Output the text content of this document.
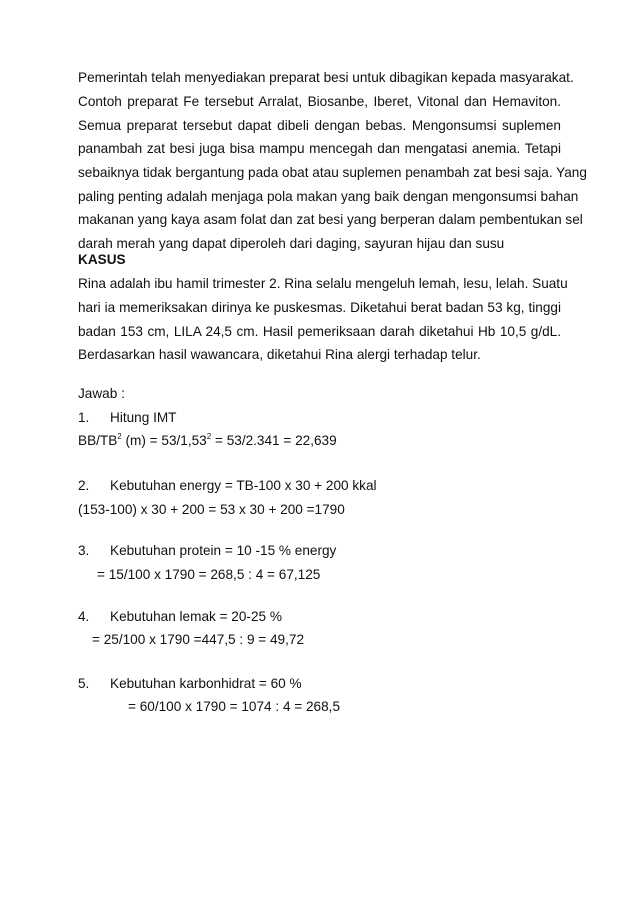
Pemerintah telah menyediakan preparat besi untuk dibagikan kepada masyarakat.
Contoh preparat Fe tersebut Arralat, Biosanbe, Iberet, Vitonal dan Hemaviton.
Semua preparat tersebut dapat dibeli dengan bebas. Mengonsumsi suplemen
panambah zat besi juga bisa mampu mencegah dan mengatasi anemia. Tetapi
sebaiknya tidak bergantung pada obat atau suplemen penambah zat besi saja. Yang
paling penting adalah menjaga pola makan yang baik dengan mengonsumsi bahan
makanan yang kaya asam folat dan zat besi yang berperan dalam pembentukan sel
darah merah yang dapat diperoleh dari daging, sayuran hijau dan susu
KASUS
Rina adalah ibu hamil trimester 2. Rina selalu mengeluh lemah, lesu, lelah. Suatu
hari ia memeriksakan dirinya ke puskesmas. Diketahui berat badan 53 kg, tinggi
badan 153 cm, LILA 24,5 cm. Hasil pemeriksaan darah diketahui Hb 10,5 g/dL.
Berdasarkan hasil wawancara, diketahui Rina alergi terhadap telur.
Jawab :
1. Hitung IMT
$BB/TB^2$ $(m) = 53/1,53^2 = 53/2.341 = 22,639$
2. Kebutuhan energy = TB-100 x 30 + 200 kkal
(153-100) x 30 + 200 = 53 x 30 + 200 =1790
3. Kebutuhan protein = 10 -15 % energy
= 15/100 x 1790 = 268,5 : 4 = 67,125
4. Kebutuhan lemak = 20-25 %
= 25/100 x 1790 =447,5 : 9 = 49,72
5. Kebutuhan karbonhidrat = 60 %
= 60/100 x 1790 = 1074 : 4 = 268,5
